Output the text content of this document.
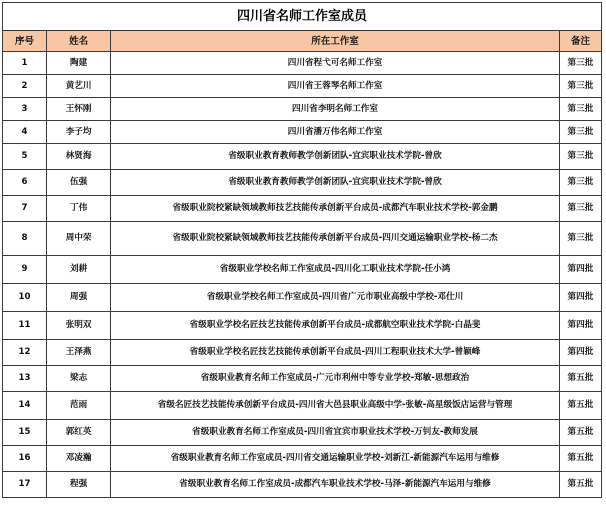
四川省名师工作室成员
序号	姓名	所在工作室	备注
1	陶建	四川省程弋可名师工作室	第三批
2	黄艺川	四川省王蓉琴名师工作室	第三批
3	王怀刚	四川省李明名师工作室	第三批
4	李子均	四川省潘万伟名师工作室	第三批
5	林贤海	省级职业教育教师教学创新团队-宜宾职业技术学院-曾欣	第三批
6	伍强	省级职业教育教师教学创新团队-宜宾职业技术学院-曾欣	第三批
7	丁伟	省级职业院校紧缺领域教师技艺技能传承创新平台成员-成都汽车职业技术学校-郭金鹏	第三批
8	周中荣	省级职业院校紧缺领域教师技艺技能传承创新平台成员-四川交通运输职业学校-杨二杰	第三批
9	刘耕	省级职业学校名师工作室成员-四川化工职业技术学院-任小鸿	第四批
10	周强	省级职业学校名师工作室成员-四川省广元市职业高级中学校-邓仕川	第四批
11	张明双	省级职业学校名匠技艺技能传承创新平台成员-成都航空职业技术学院-白晶斐	第四批
12	王泽燕	省级职业学校名匠技艺技能传承创新平台成员-四川工程职业技术大学-曾颖峰	第四批
13	梁志	省级职业教育名师工作室成员-广元市利州中等专业学校-郑敏-思想政治	第五批
14	范雨	省级名匠技艺技能传承创新平台成员-四川省大邑县职业高级中学-张敏-高星级饭店运营与管理	第五批
15	郭红英	省级职业教育名师工作室成员-四川省宜宾市职业技术学校-万钊友-教师发展	第五批
16	邓凌瀚	省级职业教育名师工作室成员-四川省交通运输职业学校-刘新江-新能源汽车运用与维修	第五批
17	程强	省级职业教育名师工作室成员-成都汽车职业技术学校-马泽-新能源汽车运用与维修	第五批
